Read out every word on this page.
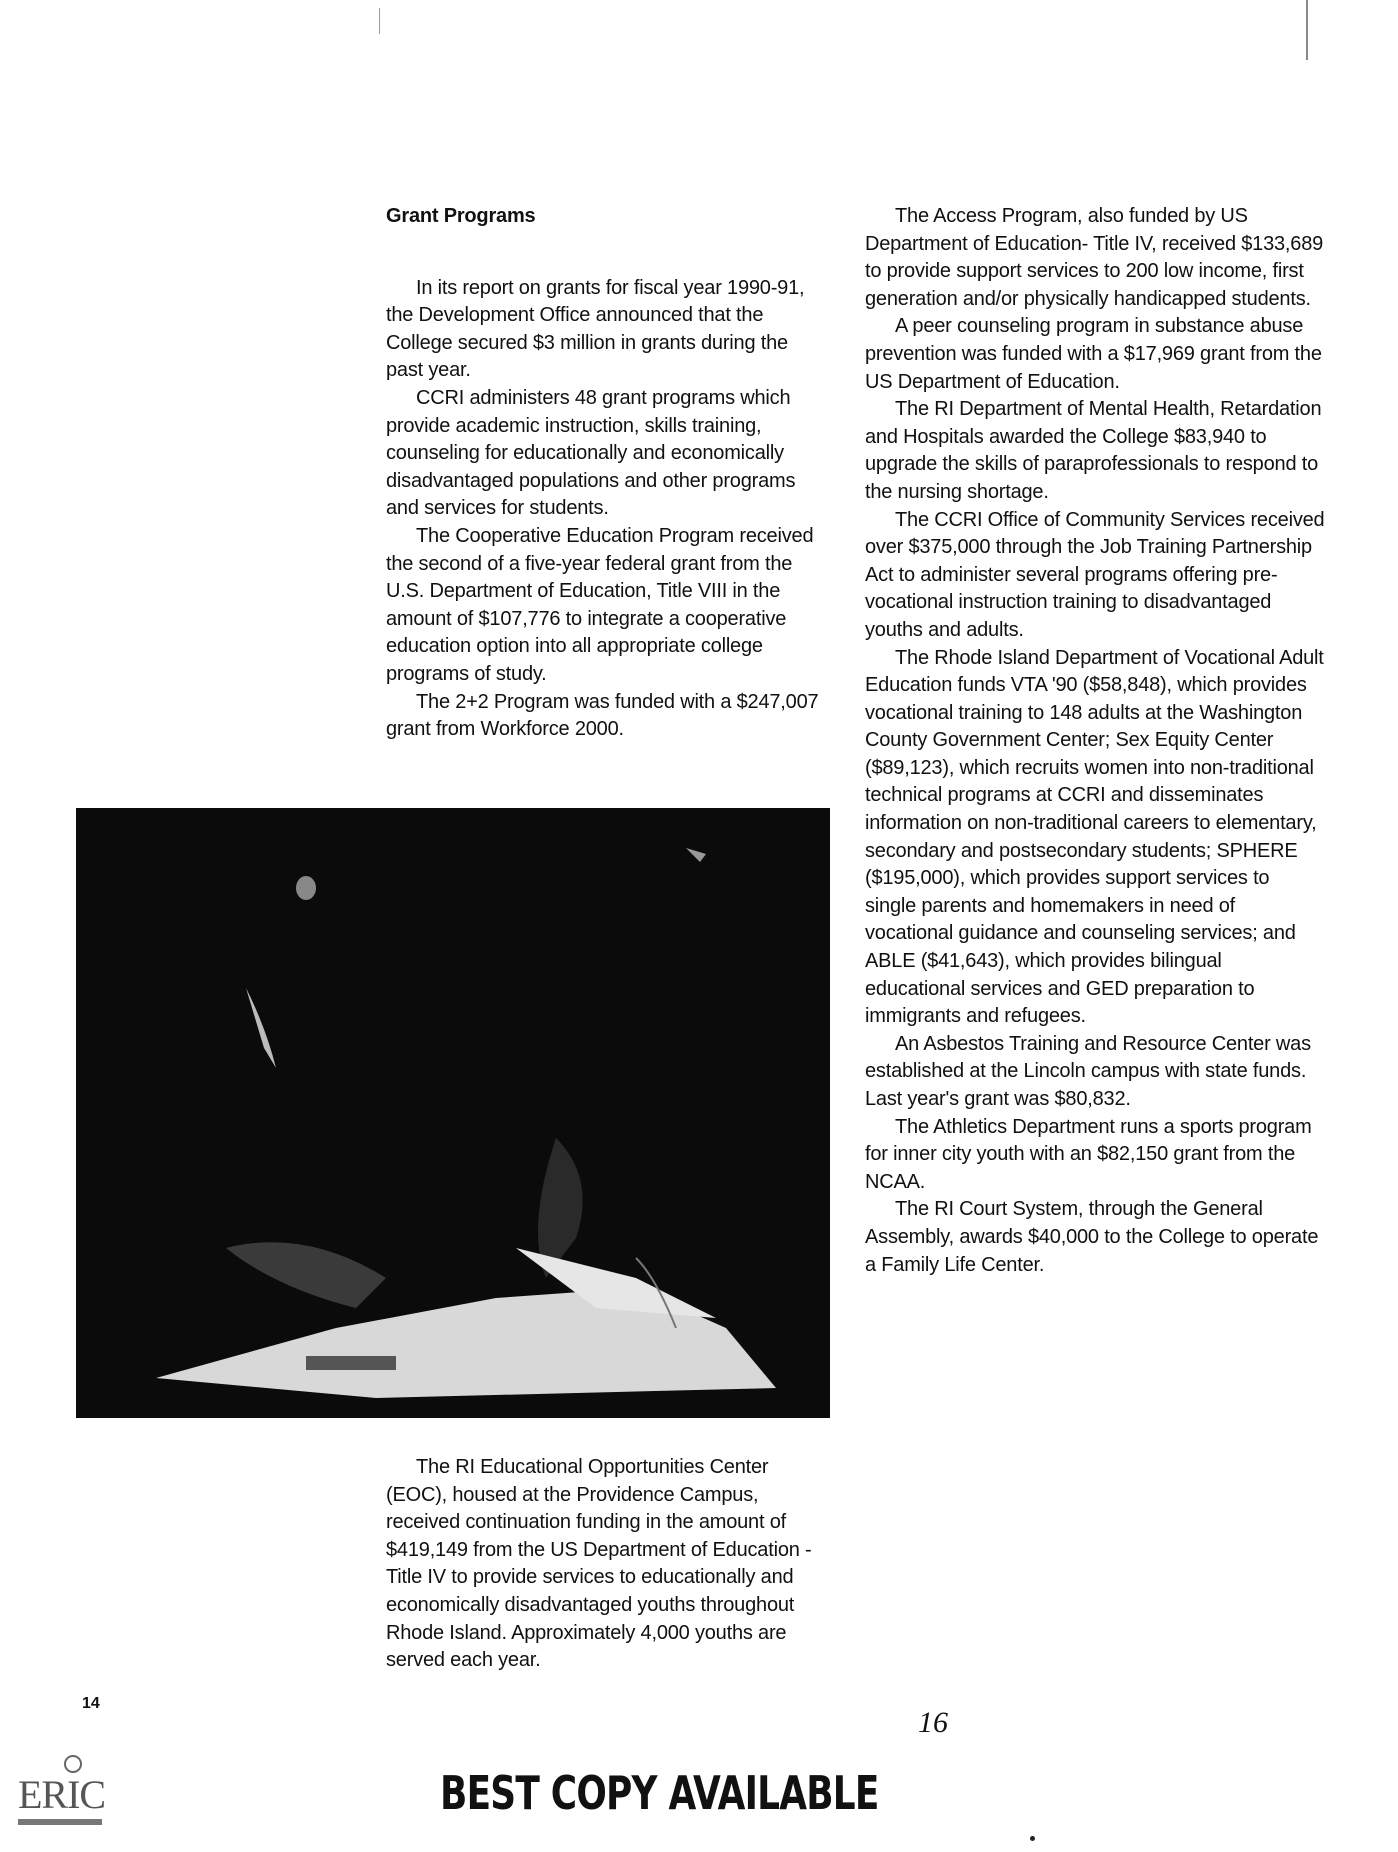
Grant Programs

In its report on grants for fiscal year 1990-91, the Development Office announced that the College secured $3 million in grants during the past year.

CCRI administers 48 grant programs which provide academic instruction, skills training, counseling for educationally and economically disadvantaged populations and other programs and services for students.

The Cooperative Education Program received the second of a five-year federal grant from the U.S. Department of Education, Title VIII in the amount of $107,776 to integrate a cooperative education option into all appropriate college programs of study.

The 2+2 Program was funded with a $247,007 grant from Workforce 2000.

The RI Educational Opportunities Center (EOC), housed at the Providence Campus, received continuation funding in the amount of $419,149 from the US Department of Education - Title IV to provide services to educationally and economically disadvantaged youths throughout Rhode Island. Approximately 4,000 youths are served each year.

The Access Program, also funded by US Department of Education- Title IV, received $133,689 to provide support services to 200 low income, first generation and/or physically handicapped students.

A peer counseling program in substance abuse prevention was funded with a $17,969 grant from the US Department of Education.

The RI Department of Mental Health, Retardation and Hospitals awarded the College $83,940 to upgrade the skills of paraprofessionals to respond to the nursing shortage.

The CCRI Office of Community Services received over $375,000 through the Job Training Partnership Act to administer several programs offering pre-vocational instruction training to disadvantaged youths and adults.

The Rhode Island Department of Vocational Adult Education funds VTA '90 ($58,848), which provides vocational training to 148 adults at the Washington County Government Center; Sex Equity Center ($89,123), which recruits women into non-traditional technical programs at CCRI and disseminates information on non-traditional careers to elementary, secondary and postsecondary students; SPHERE ($195,000), which provides support services to single parents and homemakers in need of vocational guidance and counseling services; and ABLE ($41,643), which provides bilingual educational services and GED preparation to immigrants and refugees.

An Asbestos Training and Resource Center was established at the Lincoln campus with state funds. Last year's grant was $80,832.

The Athletics Department runs a sports program for inner city youth with an $82,150 grant from the NCAA.

The RI Court System, through the General Assembly, awards $40,000 to the College to operate a Family Life Center.

14
ERIC
16
BEST COPY AVAILABLE
